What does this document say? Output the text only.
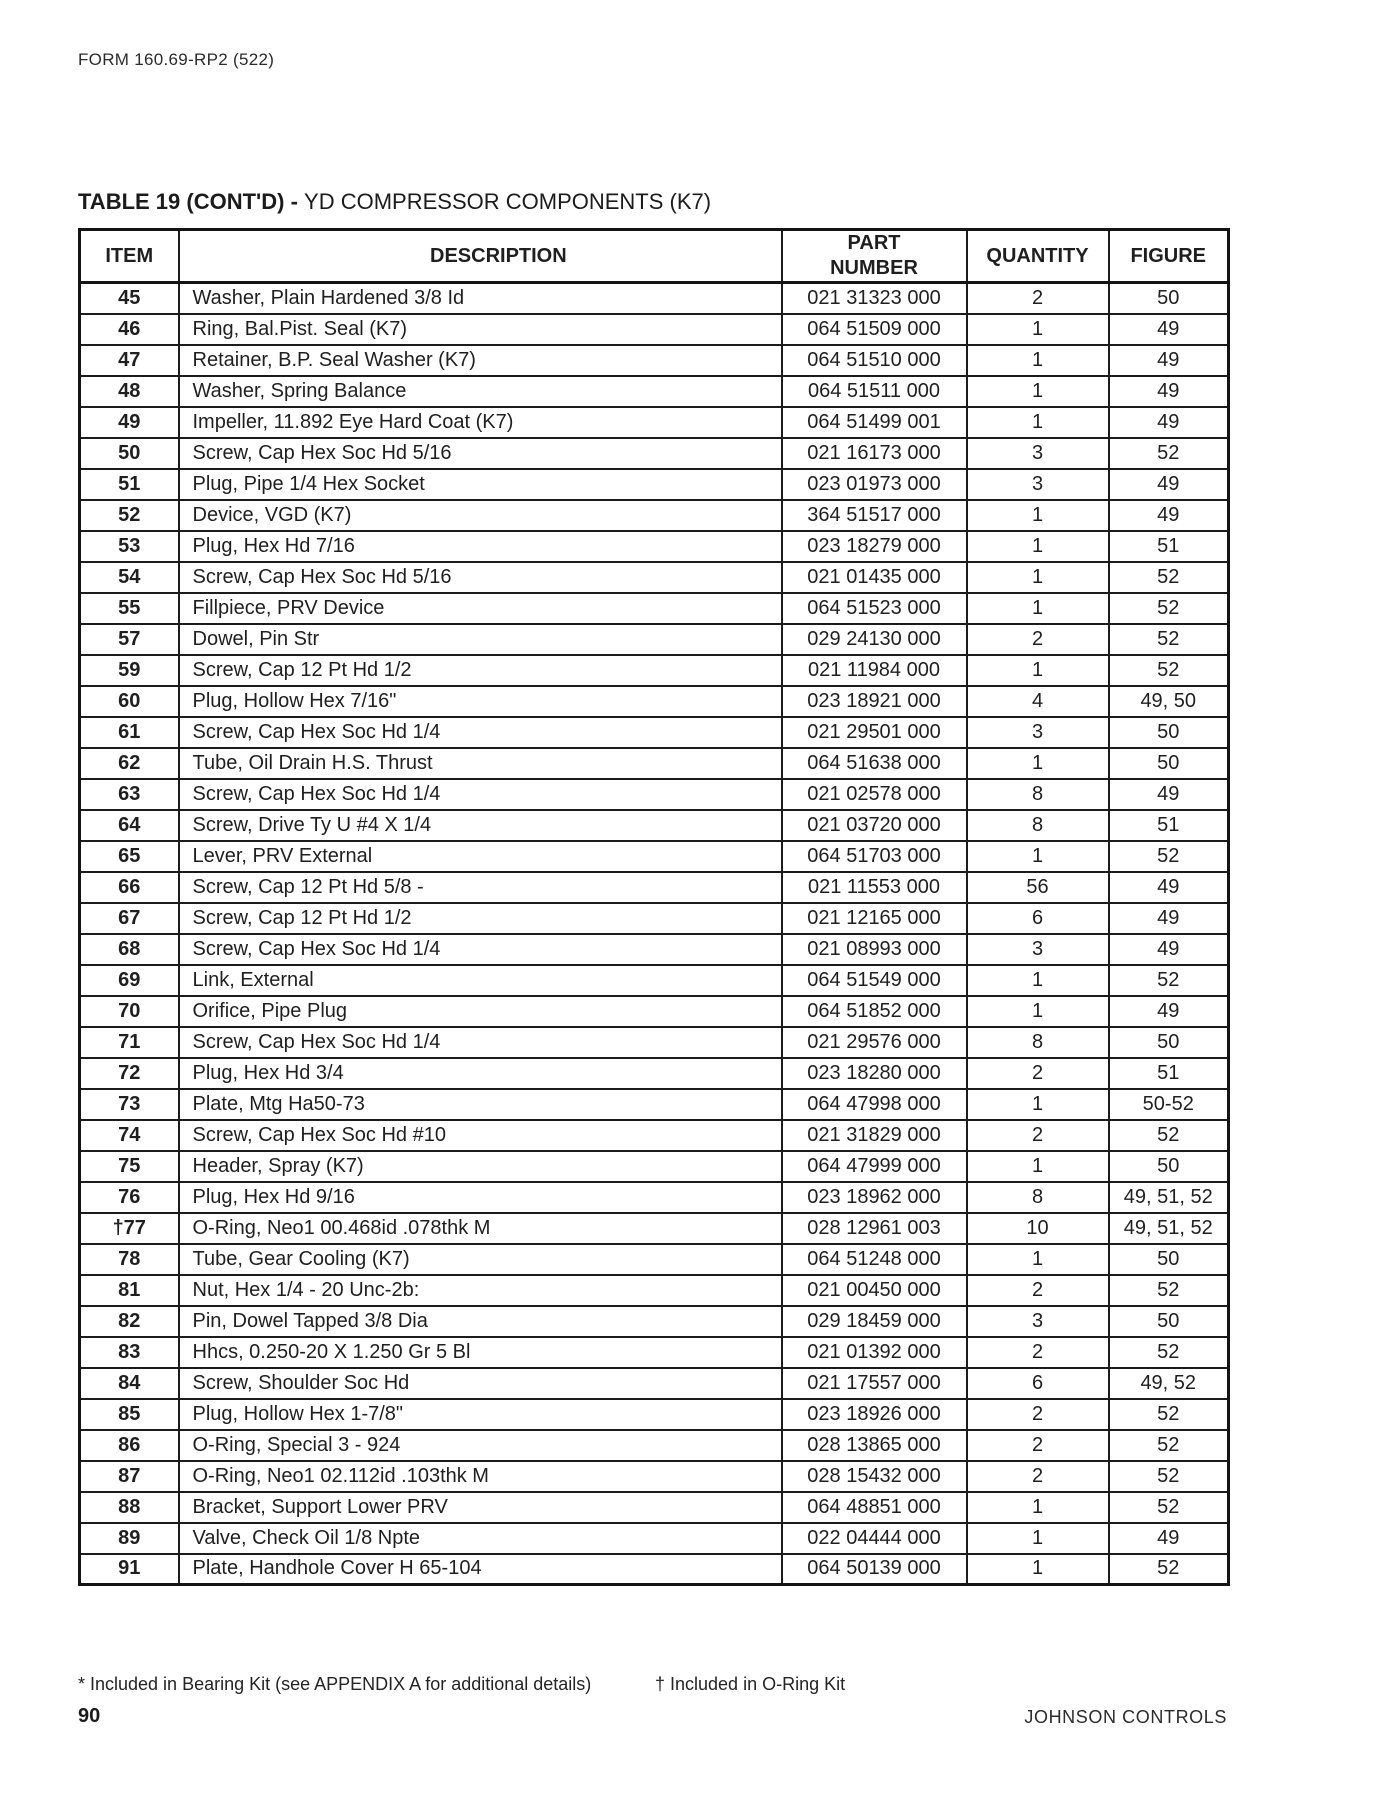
FORM 160.69-RP2 (522)
TABLE 19 (CONT'D) - YD COMPRESSOR COMPONENTS (K7)
ITEM	DESCRIPTION	PART NUMBER	QUANTITY	FIGURE
45	Washer, Plain Hardened 3/8 Id	021 31323 000	2	50
46	Ring, Bal.Pist. Seal (K7)	064 51509 000	1	49
47	Retainer, B.P. Seal Washer (K7)	064 51510 000	1	49
48	Washer, Spring Balance	064 51511 000	1	49
49	Impeller, 11.892 Eye Hard Coat (K7)	064 51499 001	1	49
50	Screw, Cap Hex Soc Hd 5/16	021 16173 000	3	52
51	Plug, Pipe 1/4 Hex Socket	023 01973 000	3	49
52	Device, VGD (K7)	364 51517 000	1	49
53	Plug, Hex Hd 7/16	023 18279 000	1	51
54	Screw, Cap Hex Soc Hd 5/16	021 01435 000	1	52
55	Fillpiece, PRV Device	064 51523 000	1	52
57	Dowel, Pin Str	029 24130 000	2	52
59	Screw, Cap 12 Pt Hd 1/2	021 11984 000	1	52
60	Plug, Hollow Hex 7/16"	023 18921 000	4	49, 50
61	Screw, Cap Hex Soc Hd 1/4	021 29501 000	3	50
62	Tube, Oil Drain H.S. Thrust	064 51638 000	1	50
63	Screw, Cap Hex Soc Hd 1/4	021 02578 000	8	49
64	Screw, Drive Ty U #4 X 1/4	021 03720 000	8	51
65	Lever, PRV External	064 51703 000	1	52
66	Screw, Cap 12 Pt Hd 5/8 -	021 11553 000	56	49
67	Screw, Cap 12 Pt Hd 1/2	021 12165 000	6	49
68	Screw, Cap Hex Soc Hd 1/4	021 08993 000	3	49
69	Link, External	064 51549 000	1	52
70	Orifice, Pipe Plug	064 51852 000	1	49
71	Screw, Cap Hex Soc Hd 1/4	021 29576 000	8	50
72	Plug, Hex Hd 3/4	023 18280 000	2	51
73	Plate, Mtg Ha50-73	064 47998 000	1	50-52
74	Screw, Cap Hex Soc Hd #10	021 31829 000	2	52
75	Header, Spray (K7)	064 47999 000	1	50
76	Plug, Hex Hd 9/16	023 18962 000	8	49, 51, 52
†77	O-Ring, Neo1 00.468id .078thk M	028 12961 003	10	49, 51, 52
78	Tube, Gear Cooling (K7)	064 51248 000	1	50
81	Nut, Hex 1/4 - 20 Unc-2b:	021 00450 000	2	52
82	Pin, Dowel Tapped 3/8 Dia	029 18459 000	3	50
83	Hhcs, 0.250-20 X 1.250 Gr 5 Bl	021 01392 000	2	52
84	Screw, Shoulder Soc Hd	021 17557 000	6	49, 52
85	Plug, Hollow Hex 1-7/8"	023 18926 000	2	52
86	O-Ring, Special 3 - 924	028 13865 000	2	52
87	O-Ring, Neo1 02.112id .103thk M	028 15432 000	2	52
88	Bracket, Support Lower PRV	064 48851 000	1	52
89	Valve, Check Oil 1/8 Npte	022 04444 000	1	49
91	Plate, Handhole Cover H 65-104	064 50139 000	1	52
* Included in Bearing Kit (see APPENDIX A for additional details)	† Included in O-Ring Kit
90	JOHNSON CONTROLS
